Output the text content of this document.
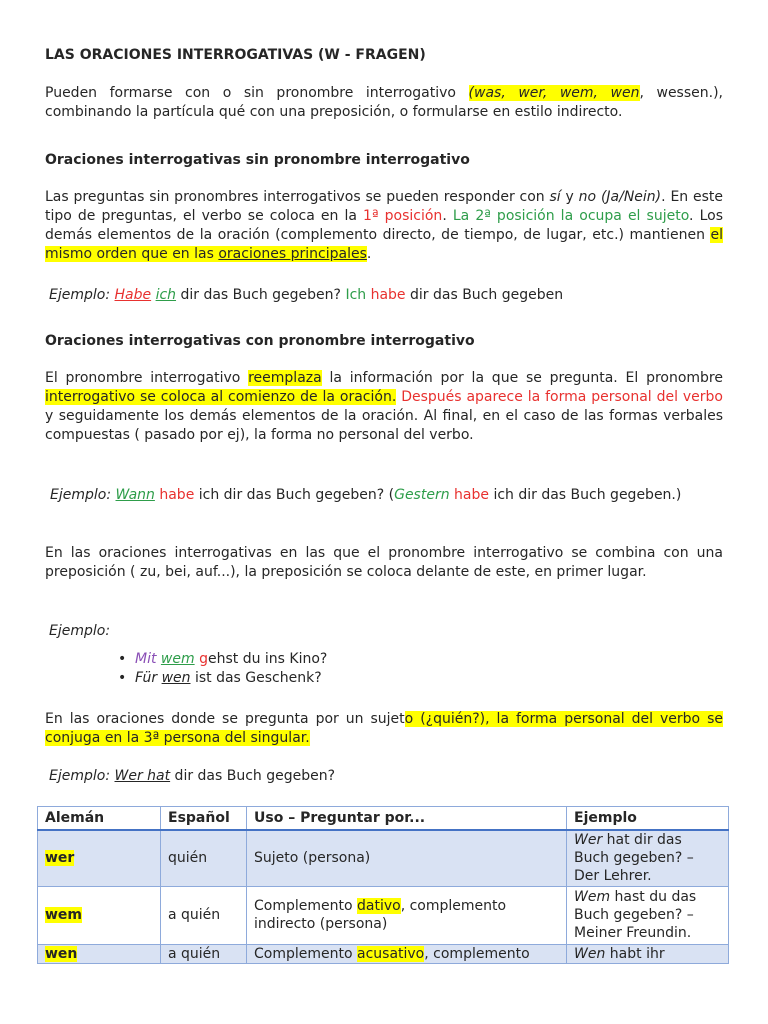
LAS ORACIONES INTERROGATIVAS (W - FRAGEN)

Pueden formarse con o sin pronombre interrogativo (was, wer, wem, wen, wessen.), combinando la partícula qué con una preposición, o formularse en estilo indirecto.

Oraciones interrogativas sin pronombre interrogativo

Las preguntas sin pronombres interrogativos se pueden responder con sí y no (Ja/Nein). En este tipo de preguntas, el verbo se coloca en la 1ª posición. La 2ª posición la ocupa el sujeto. Los demás elementos de la oración (complemento directo, de tiempo, de lugar, etc.) mantienen el mismo orden que en las oraciones principales.

Ejemplo: Habe ich dir das Buch gegeben? Ich habe dir das Buch gegeben

Oraciones interrogativas con pronombre interrogativo

El pronombre interrogativo reemplaza la información por la que se pregunta. El pronombre interrogativo se coloca al comienzo de la oración. Después aparece la forma personal del verbo y seguidamente los demás elementos de la oración. Al final, en el caso de las formas verbales compuestas ( pasado por ej), la forma no personal del verbo.

Ejemplo: Wann habe ich dir das Buch gegeben? (Gestern habe ich dir das Buch gegeben.)

En las oraciones interrogativas en las que el pronombre interrogativo se combina con una preposición ( zu, bei, auf...), la preposición se coloca delante de este, en primer lugar.

Ejemplo:

• Mit wem gehst du ins Kino?
• Für wen ist das Geschenk?

En las oraciones donde se pregunta por un sujeto (¿quién?), la forma personal del verbo se conjuga en la 3ª persona del singular.

Ejemplo: Wer hat dir das Buch gegeben?

Alemán	Español	Uso – Preguntar por...	Ejemplo
wer	quién	Sujeto (persona)	Wer hat dir das Buch gegeben? – Der Lehrer.
wem	a quién	Complemento dativo, complemento indirecto (persona)	Wem hast du das Buch gegeben? – Meiner Freundin.
wen	a quién	Complemento acusativo, complemento	Wen habt ihr
